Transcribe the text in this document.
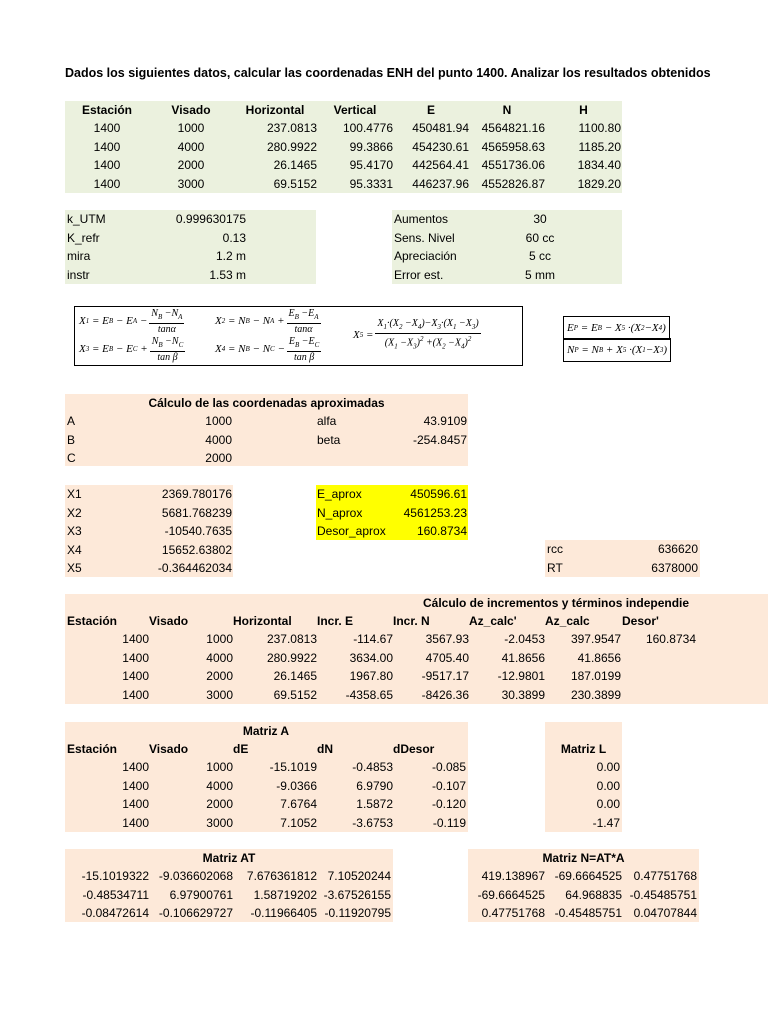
Dados los siguientes datos, calcular las coordenadas ENH del punto 1400. Analizar los resultados obtenidos
Estación	Visado	Horizontal	Vertical	E	N	H
1400	1000	237.0813	100.4776	450481.94	4564821.16	1100.80
1400	4000	280.9922	99.3866	454230.61	4565958.63	1185.20
1400	2000	26.1465	95.4170	442564.41	4551736.06	1834.40
1400	3000	69.5152	95.3331	446237.96	4552826.87	1829.20
k_UTM	0.999630175
K_refr	0.13
mira	1.2 m
instr	1.53 m
Aumentos	30
Sens. Nivel	60 cc
Apreciación	5 cc
Error est.	5 mm
X 1 = E B − E $A - \frac{N_B -N_A}{\tan\alpha}$	X 2 = N B − N $A + \frac{E_B -E_A}{\tan\alpha}$
X 3 = E B − E $C + \frac{N_B -N_C}{\text{tan β}}$	X 4 = N B − N $C - \frac{E_B -E_C}{\text{tan β}}$
X $5 = \frac{X_1\cdot(X_2 -X_4)-X_3\cdot(X_1 -X_3)}{(X_1 -X_3)^2 +(X_2 -X_4)^2}$	E P = E B − X 5 ·(X 2 −X 4 )
N P = N B + X 5 ·(X 1 −X 3 )
Cálculo de las coordenadas aproximadas
A	1000
B	4000
C	2000
alfa	43.9109
beta	-254.8457
X1	2369.780176
X2	5681.768239
X3	-10540.7635
X4	15652.63802
X5	-0.364462034
E_aprox	450596.61
N_aprox	4561253.23
Desor_aprox	160.8734
rcc	636620
RT	6378000
Cálculo de incrementos y términos independie
Estación	Visado	Horizontal	Incr. E	Incr. N	Az_calc'	Az_calc	Desor'
1400	1000	237.0813	-114.67	3567.93	-2.0453	397.9547	160.8734
1400	4000	280.9922	3634.00	4705.40	41.8656	41.8656
1400	2000	26.1465	1967.80	-9517.17	-12.9801	187.0199
1400	3000	69.5152	-4358.65	-8426.36	30.3899	230.3899
Matriz A
Estación	Visado	dE	dN	dDesor
1400	1000	-15.1019	-0.4853	-0.085
1400	4000	-9.0366	6.9790	-0.107
1400	2000	7.6764	1.5872	-0.120
1400	3000	7.1052	-3.6753	-0.119
Matriz L
0.00
0.00
0.00
-1.47
Matriz AT
-15.1019322 -9.036602068	7.676361812 7.10520244
-0.48534711	6.97900761	1.58719202 -3.67526155
-0.08472614 -0.106629727	-0.11966405 -0.11920795
Matriz N=AT*A
419.138967 -69.6664525 0.47751768
-69.6664525	64.968835 -0.45485751
0.47751768 -0.45485751 0.04707844
